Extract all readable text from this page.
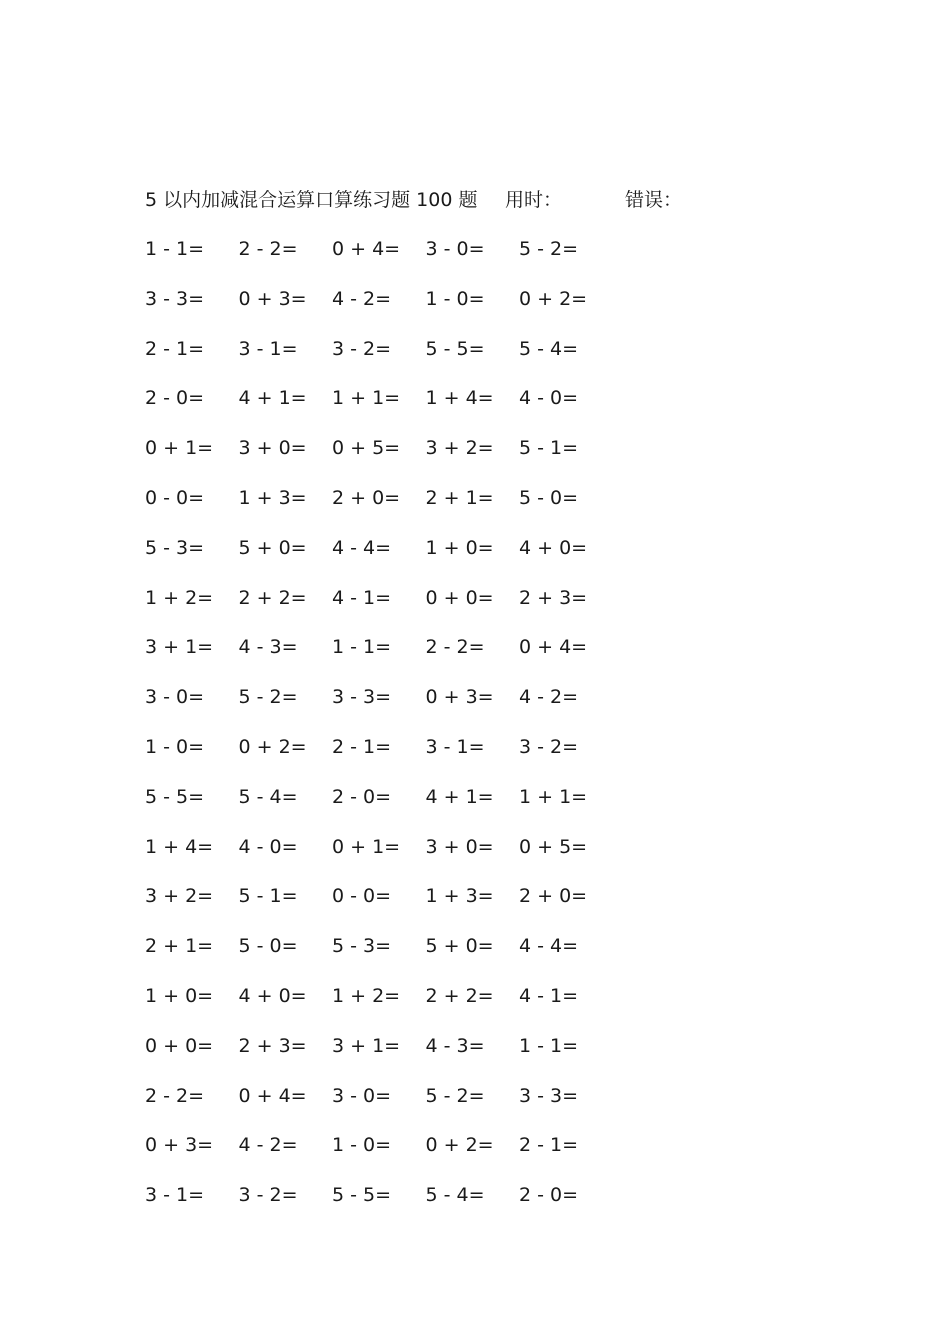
5 以内加减混合运算口算练习题 100 题 用时：	错误：
1 - 1=	2 - 2=	0 + 4=	3 - 0=	5 - 2=
3 - 3=	0 + 3=	4 - 2=	1 - 0=	0 + 2=
2 - 1=	3 - 1=	3 - 2=	5 - 5=	5 - 4=
2 - 0=	4 + 1=	1 + 1=	1 + 4=	4 - 0=
0 + 1=	3 + 0=	0 + 5=	3 + 2=	5 - 1=
0 - 0=	1 + 3=	2 + 0=	2 + 1=	5 - 0=
5 - 3=	5 + 0=	4 - 4=	1 + 0=	4 + 0=
1 + 2=	2 + 2=	4 - 1=	0 + 0=	2 + 3=
3 + 1=	4 - 3=	1 - 1=	2 - 2=	0 + 4=
3 - 0=	5 - 2=	3 - 3=	0 + 3=	4 - 2=
1 - 0=	0 + 2=	2 - 1=	3 - 1=	3 - 2=
5 - 5=	5 - 4=	2 - 0=	4 + 1=	1 + 1=
1 + 4=	4 - 0=	0 + 1=	3 + 0=	0 + 5=
3 + 2=	5 - 1=	0 - 0=	1 + 3=	2 + 0=
2 + 1=	5 - 0=	5 - 3=	5 + 0=	4 - 4=
1 + 0=	4 + 0=	1 + 2=	2 + 2=	4 - 1=
0 + 0=	2 + 3=	3 + 1=	4 - 3=	1 - 1=
2 - 2=	0 + 4=	3 - 0=	5 - 2=	3 - 3=
0 + 3=	4 - 2=	1 - 0=	0 + 2=	2 - 1=
3 - 1=	3 - 2=	5 - 5=	5 - 4=	2 - 0=
